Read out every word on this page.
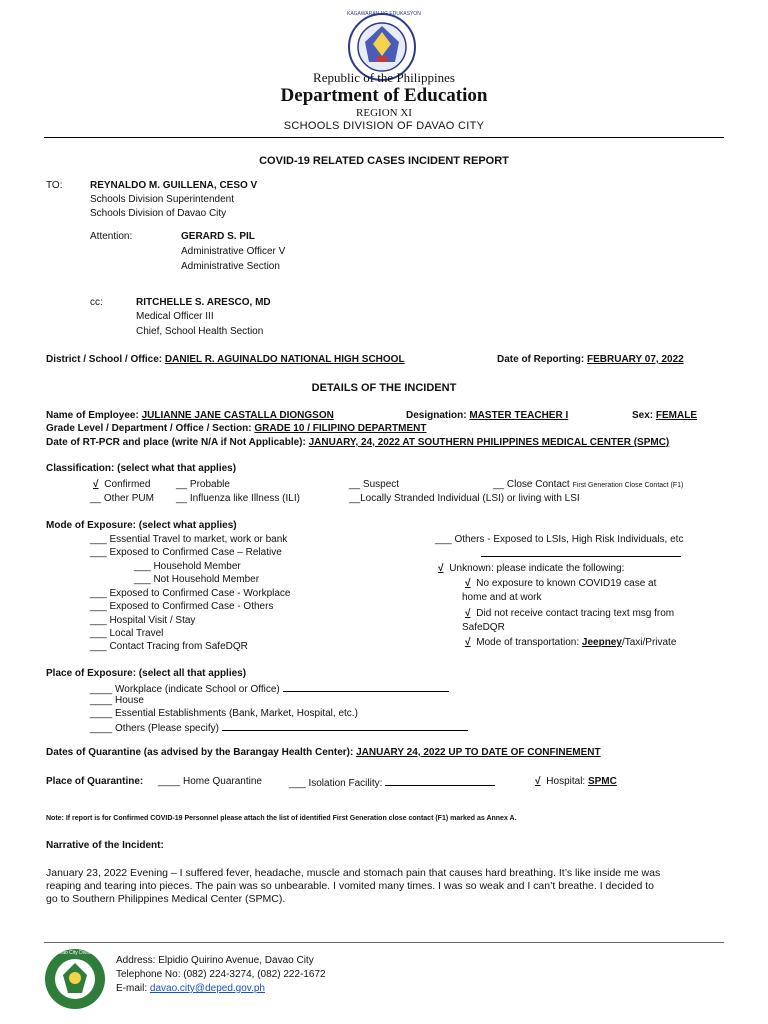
KAGAWARAN NG EDUKASYON
Republic of the Philippines
Department of Education
REGION XI
SCHOOLS DIVISION OF DAVAO CITY
COVID-19 RELATED CASES INCIDENT REPORT
TO:	REYNALDO M. GUILLENA, CESO V
Schools Division Superintendent
Schools Division of Davao City
Attention:	GERARD S. PIL
Administrative Officer V
Administrative Section
cc:	RITCHELLE S. ARESCO, MD
Medical Officer III
Chief, School Health Section
District / School / Office: DANIEL R. AGUINALDO NATIONAL HIGH SCHOOL	Date of Reporting: FEBRUARY 07, 2022
DETAILS OF THE INCIDENT
Name of Employee: JULIANNE JANE CASTALLA DIONGSON	Designation: MASTER TEACHER I	Sex: FEMALE
Grade Level / Department / Office / Section: GRADE 10 / FILIPINO DEPARTMENT
Date of RT-PCR and place (write N/A if Not Applicable): JANUARY, 24, 2022 AT SOUTHERN PHILIPPINES MEDICAL CENTER (SPMC)
Classification: (select what that applies)
√ Confirmed	__ Probable	__ Suspect	__ Close Contact First Generation Close Contact (F1)
__ Other PUM __ Influenza like Illness (ILI)	__Locally Stranded Individual (LSI) or living with LSI
Mode of Exposure: (select what applies)
___ Essential Travel to market, work or bank
___ Exposed to Confirmed Case – Relative
___ Household Member
___ Not Household Member
___ Exposed to Confirmed Case - Workplace
___ Exposed to Confirmed Case - Others
___ Hospital Visit / Stay
___ Local Travel
___ Contact Tracing from SafeDQR
___ Others - Exposed to LSIs, High Risk Individuals, etc
√ Unknown: please indicate the following:
√ No exposure to known COVID19 case at
home and at work
√ Did not receive contact tracing text msg from
SafeDQR
√ Mode of transportation: Jeepney/Taxi/Private
Place of Exposure: (select all that applies)
____ Workplace (indicate School or Office)
____ House
____ Essential Establishments (Bank, Market, Hospital, etc.)
____ Others (Please specify)
Dates of Quarantine (as advised by the Barangay Health Center): JANUARY 24, 2022 UP TO DATE OF CONFINEMENT
Place of Quarantine: ____ Home Quarantine	___ Isolation Facility:	√ Hospital: SPMC
Note: If report is for Confirmed COVID-19 Personnel please attach the list of identified First Generation close contact (F1) marked as Annex A.
Narrative of the Incident:
January 23, 2022 Evening – I suffered fever, headache, muscle and stomach pain that causes hard breathing. It’s like inside me was
reaping and tearing into pieces. The pain was so unbearable. I vomited many times. I was so weak and I can’t breathe. I decided to
go to Southern Philippines Medical Center (SPMC).
Davao City Division
Address: Elpidio Quirino Avenue, Davao City
Telephone No: (082) 224-3274, (082) 222-1672
E-mail: davao.city@deped.gov.ph
